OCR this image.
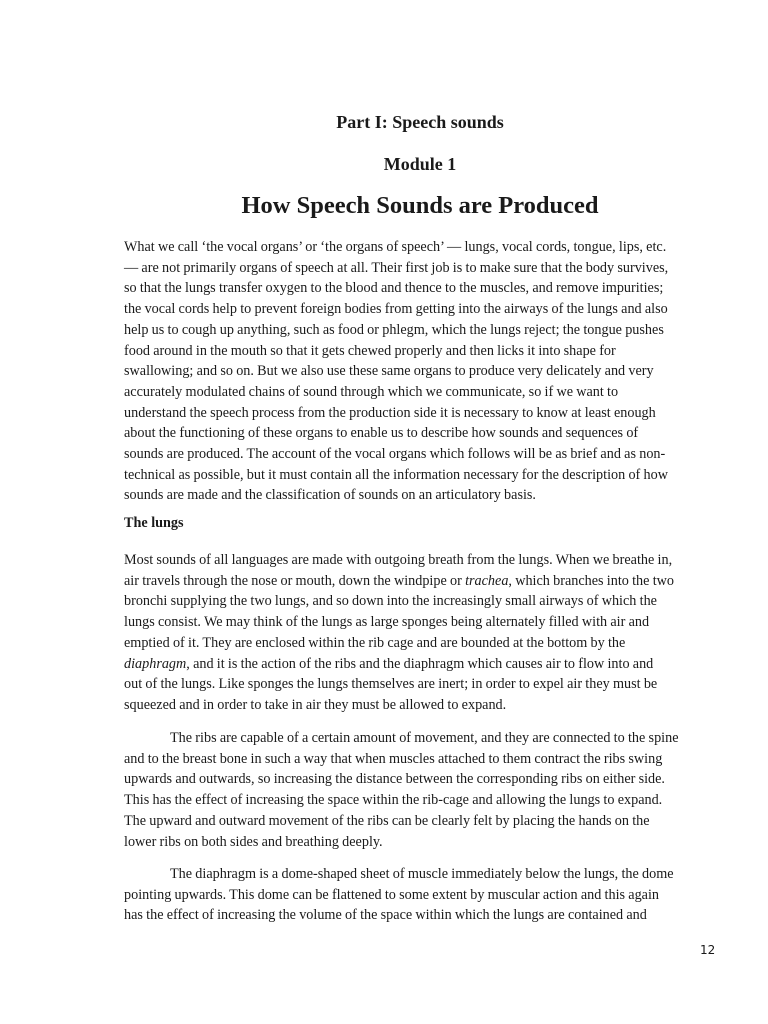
Part I: Speech sounds
Module 1
How Speech Sounds are Produced

What we call ‘the vocal organs’ or ‘the organs of speech’ — lungs, vocal cords, tongue, lips, etc.
— are not primarily organs of speech at all. Their first job is to make sure that the body survives,
so that the lungs transfer oxygen to the blood and thence to the muscles, and remove impurities;
the vocal cords help to prevent foreign bodies from getting into the airways of the lungs and also
help us to cough up anything, such as food or phlegm, which the lungs reject; the tongue pushes
food around in the mouth so that it gets chewed properly and then licks it into shape for
swallowing; and so on. But we also use these same organs to produce very delicately and very
accurately modulated chains of sound through which we communicate, so if we want to
understand the speech process from the production side it is necessary to know at least enough
about the functioning of these organs to enable us to describe how sounds and sequences of
sounds are produced. The account of the vocal organs which follows will be as brief and as non-
technical as possible, but it must contain all the information necessary for the description of how
sounds are made and the classification of sounds on an articulatory basis.

The lungs

Most sounds of all languages are made with outgoing breath from the lungs. When we breathe in,
air travels through the nose or mouth, down the windpipe or trachea, which branches into the two
bronchi supplying the two lungs, and so down into the increasingly small airways of which the
lungs consist. We may think of the lungs as large sponges being alternately filled with air and
emptied of it. They are enclosed within the rib cage and are bounded at the bottom by the
diaphragm, and it is the action of the ribs and the diaphragm which causes air to flow into and
out of the lungs. Like sponges the lungs themselves are inert; in order to expel air they must be
squeezed and in order to take in air they must be allowed to expand.

The ribs are capable of a certain amount of movement, and they are connected to the spine
and to the breast bone in such a way that when muscles attached to them contract the ribs swing
upwards and outwards, so increasing the distance between the corresponding ribs on either side.
This has the effect of increasing the space within the rib-cage and allowing the lungs to expand.
The upward and outward movement of the ribs can be clearly felt by placing the hands on the
lower ribs on both sides and breathing deeply.

The diaphragm is a dome-shaped sheet of muscle immediately below the lungs, the dome
pointing upwards. This dome can be flattened to some extent by muscular action and this again
has the effect of increasing the volume of the space within which the lungs are contained and

12
